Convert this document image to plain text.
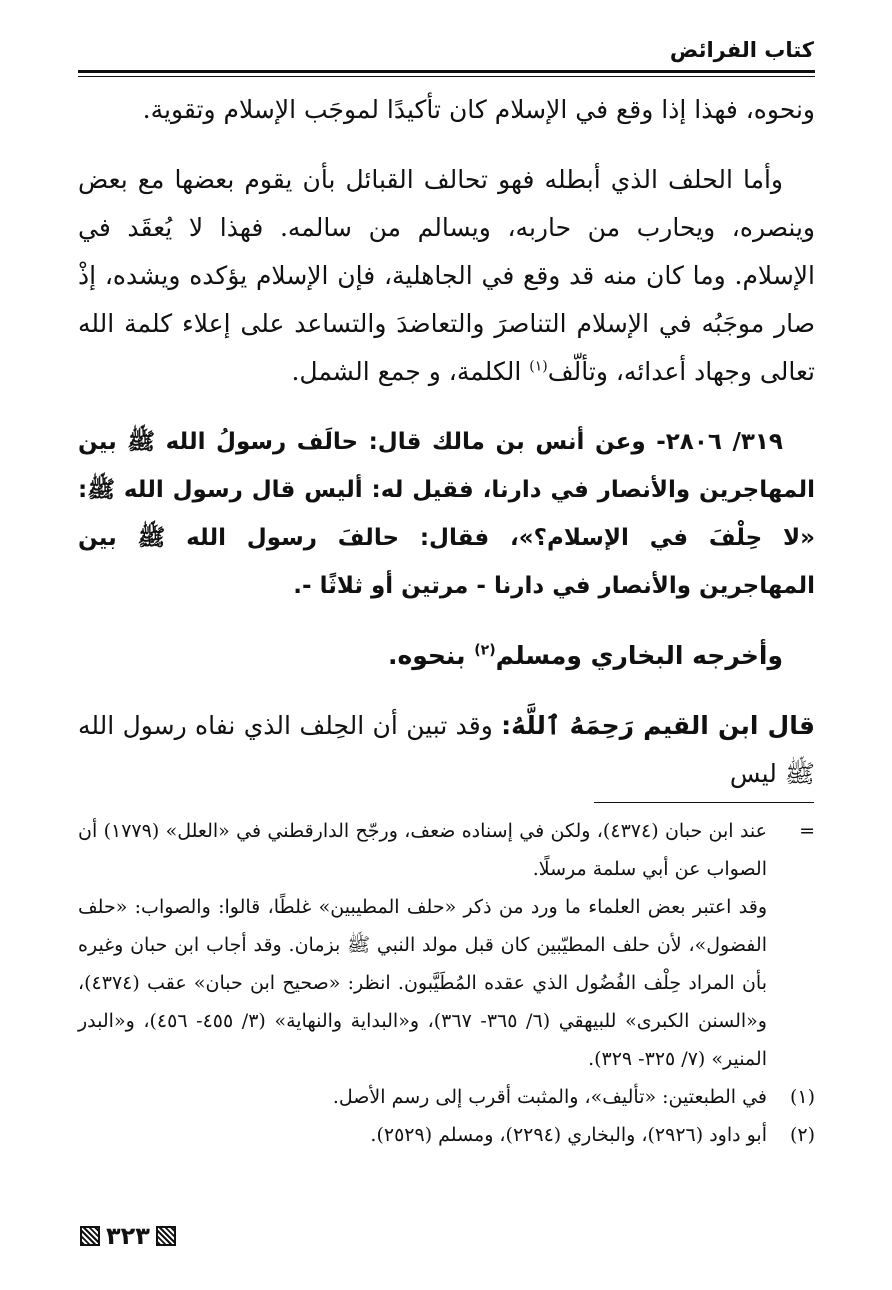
كتاب الفرائض

ونحوه، فهذا إذا وقع في الإسلام كان تأكيدًا لموجَب الإسلام وتقوية.

وأما الحلف الذي أبطله فهو تحالف القبائل بأن يقوم بعضها مع بعض وينصره، ويحارب من حاربه، ويسالم من سالمه. فهذا لا يُعقَد في الإسلام. وما كان منه قد وقع في الجاهلية، فإن الإسلام يؤكده ويشده، إذْ صار موجَبُه في الإسلام التناصرَ والتعاضدَ والتساعد على إعلاء كلمة الله تعالى وجهاد أعدائه، وتألّف$^{(١)}$ الكلمة، و جمع الشمل.

٣١٩/ ٢٨٠٦- وعن أنس بن مالك قال: حالَف رسولُ الله ﷺ بين المهاجرين والأنصار في دارنا، فقيل له: أليس قال رسول الله ﷺ: «لا حِلْفَ في الإسلام؟»، فقال: حالفَ رسول الله ﷺ بين المهاجرين والأنصار في دارنا - مرتين أو ثلاثًا -.

وأخرجه البخاري ومسلم$^{(٢)}$ بنحوه.

قال ابن القيم رَحِمَهُ ٱللَّهُ: وقد تبين أن الحِلف الذي نفاه رسول الله ﷺ ليس

=
عند ابن حبان (٤٣٧٤)، ولكن في إسناده ضعف، ورجّح الدارقطني في «العلل» (١٧٧٩) أن الصواب عن أبي سلمة مرسلًا.

وقد اعتبر بعض العلماء ما ورد من ذكر «حلف المطيبين» غلطًا، قالوا: والصواب: «حلف الفضول»، لأن حلف المطيّبين كان قبل مولد النبي ﷺ بزمان. وقد أجاب ابن حبان وغيره بأن المراد حِلْف الفُضُول الذي عقده المُطَيَّبون. انظر: «صحيح ابن حبان» عقب (٤٣٧٤)، و«السنن الكبرى» للبيهقي (٦/ ٣٦٥- ٣٦٧)، و«البداية والنهاية» (٣/ ٤٥٥- ٤٥٦)، و«البدر المنير» (٧/ ٣٢٥- ٣٢٩).

(١)
في الطبعتين: «تأليف»، والمثبت أقرب إلى رسم الأصل.

(٢)
أبو داود (٢٩٢٦)، والبخاري (٢٢٩٤)، ومسلم (٢٥٢٩).

٣٢٣
